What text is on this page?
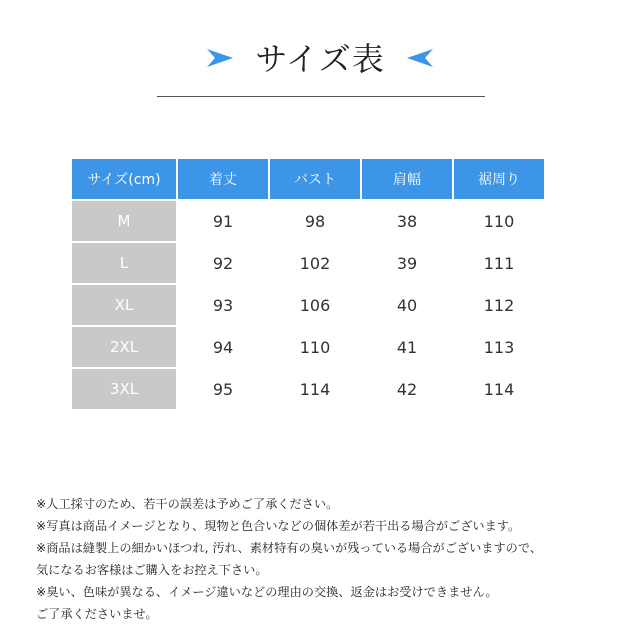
サイズ表
サイズ(cm)	着丈	バスト	肩幅	裾周り
M	91	98	38	110
L	92	102	39	111
XL	93	106	40	112
2XL	94	110	41	113
3XL	95	114	42	114
※人工採寸のため、若干の誤差は予めご了承ください。
※写真は商品イメージとなり、現物と色合いなどの個体差が若干出る場合がございます。
※商品は縫製上の細かいほつれ, 汚れ、素材特有の臭いが残っている場合がございますので、
気になるお客様はご購入をお控え下さい。
※臭い、色味が異なる、イメージ違いなどの理由の交換、返金はお受けできません。
ご了承くださいませ。
